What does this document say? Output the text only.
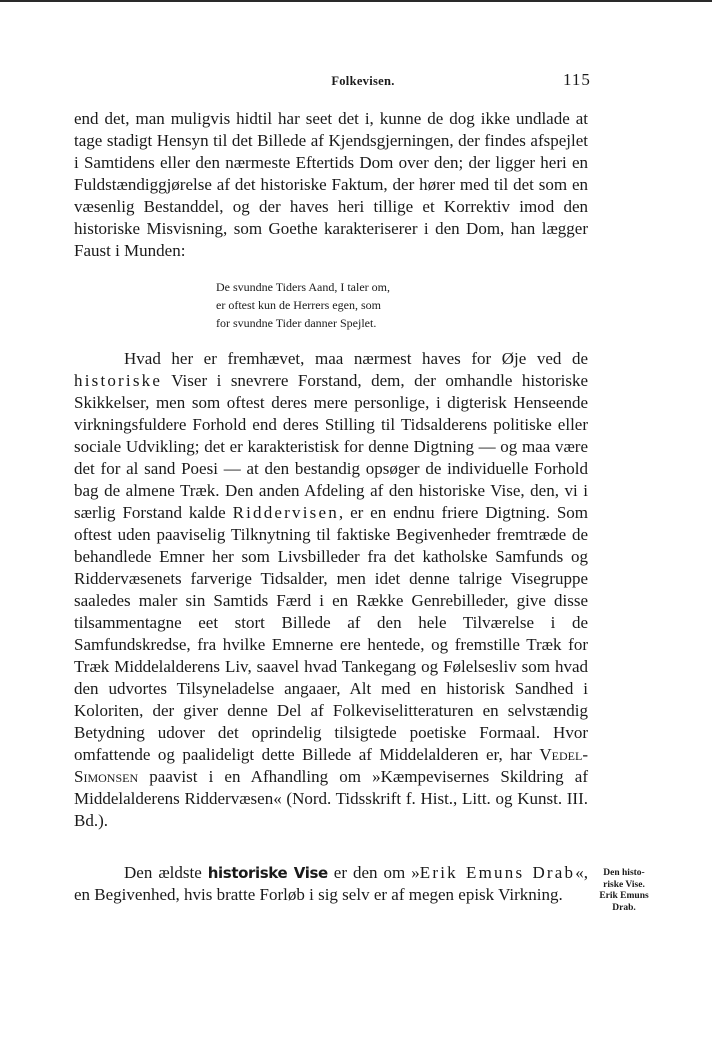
Folkevisen.	115

end det, man muligvis hidtil har seet det i, kunne de dog ikke undlade at tage stadigt Hensyn til det Billede af Kjendsgjerningen, der findes afspejlet i Samtidens eller den nærmeste Eftertids Dom over den; der ligger heri en Fuldstændiggjørelse af det historiske Faktum, der hører med til det som en væsenlig Bestanddel, og der haves heri tillige et Korrektiv imod den historiske Misvisning, som Goethe karakteriserer i den Dom, han lægger Faust i Munden:

De svundne Tiders Aand, I taler om,
er oftest kun de Herrers egen, som
for svundne Tider danner Spejlet.

Hvad her er fremhævet, maa nærmest haves for Øje ved de historiske Viser i snevrere Forstand, dem, der omhandle historiske Skikkelser, men som oftest deres mere personlige, i digterisk Henseende virkningsfuldere Forhold end deres Stilling til Tidsalderens politiske eller sociale Udvikling; det er karakteristisk for denne Digtning — og maa være det for al sand Poesi — at den bestandig opsøger de individuelle Forhold bag de almene Træk. Den anden Afdeling af den historiske Vise, den, vi i særlig Forstand kalde Riddervisen, er en endnu friere Digtning. Som oftest uden paaviselig Tilknytning til faktiske Begivenheder fremtræde de behandlede Emner her som Livsbilleder fra det katholske Samfunds og Riddervæsenets farverige Tidsalder, men idet denne talrige Visegruppe saaledes maler sin Samtids Færd i en Række Genrebilleder, give disse tilsammentagne eet stort Billede af den hele Tilværelse i de Samfundskredse, fra hvilke Emnerne ere hentede, og fremstille Træk for Træk Middelalderens Liv, saavel hvad Tankegang og Følelsesliv som hvad den udvortes Tilsyneladelse angaaer, Alt med en historisk Sandhed i Koloriten, der giver denne Del af Folkeviselitteraturen en selvstændig Betydning udover det oprindelig tilsigtede poetiske Formaal. Hvor omfattende og paalideligt dette Billede af Middelalderen er, har Vedel-Simonsen paavist i en Afhandling om »Kæmpevisernes Skildring af Middelalderens Riddervæsen« (Nord. Tidsskrift f. Hist., Litt. og Kunst. III. Bd.).

Den ældste historiske Vise er den om »Erik Emuns Drab«, en Begivenhed, hvis bratte Forløb i sig selv er af megen episk Virkning.

Den histo-
riske Vise.
Erik Emuns
Drab.
